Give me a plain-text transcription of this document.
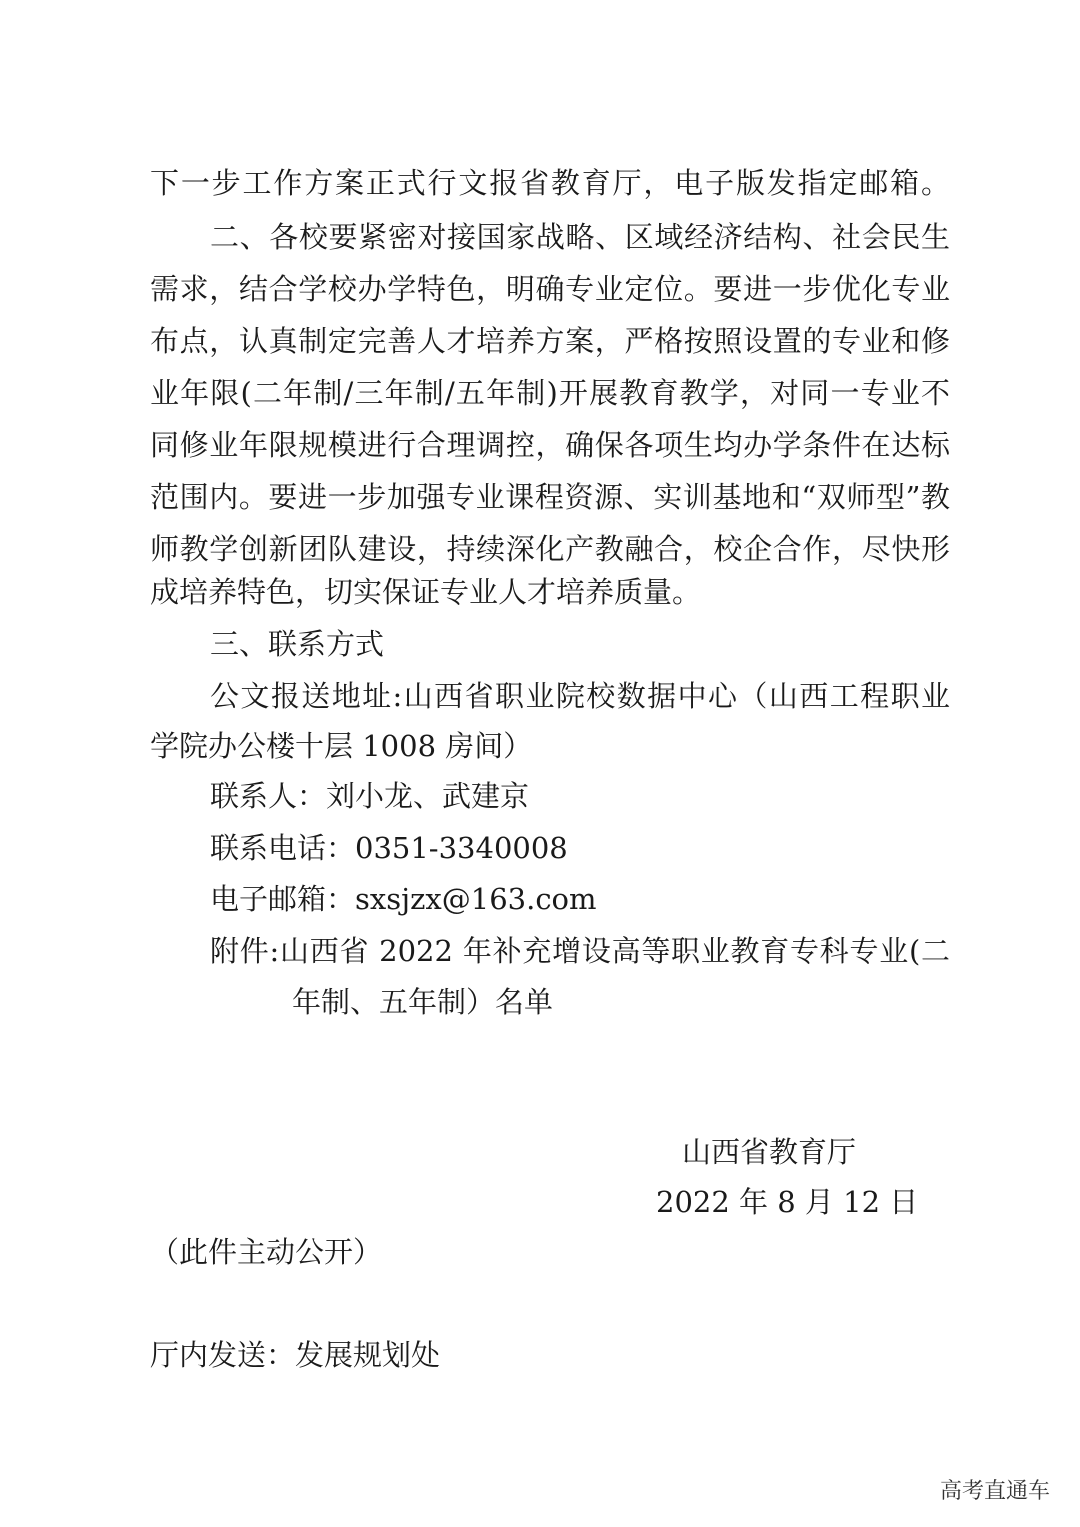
下一步工作方案正式行文报省教育厅，电子版发指定邮箱。
二、各校要紧密对接国家战略、区域经济结构、社会民生
需求，结合学校办学特色，明确专业定位。要进一步优化专业
布点，认真制定完善人才培养方案，严格按照设置的专业和修
业年限(二年制/三年制/五年制)开展教育教学，对同一专业不
同修业年限规模进行合理调控，确保各项生均办学条件在达标
范围内。要进一步加强专业课程资源、实训基地和“双师型”教
师教学创新团队建设，持续深化产教融合，校企合作，尽快形
成培养特色，切实保证专业人才培养质量。
三、联系方式
公文报送地址:山西省职业院校数据中心（山西工程职业
学院办公楼十层 1008 房间）
联系人：刘小龙、武建京
联系电话：0351-3340008
电子邮箱：sxsjzx@163.com
附件:山西省 2022 年补充增设高等职业教育专科专业(二
年制、五年制）名单
山西省教育厅
2022 年 8 月 12 日
（此件主动公开）
厅内发送：发展规划处
高考直通车
